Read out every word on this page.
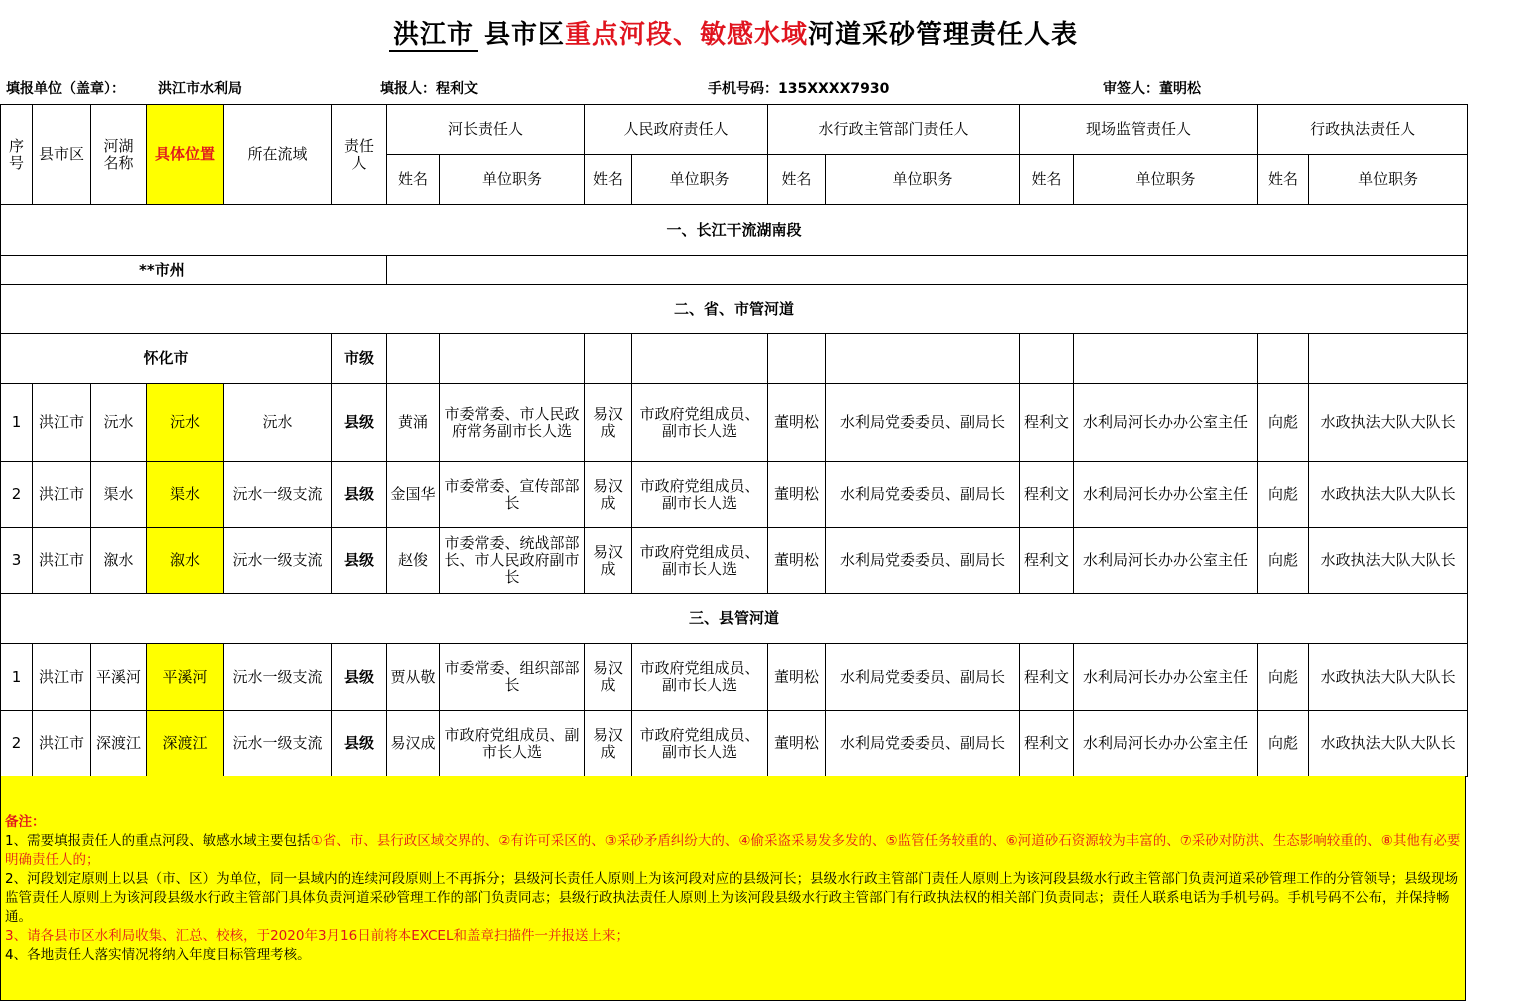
洪江市 县市区重点河段、敏感水域河道采砂管理责任人表
填报单位（盖章）： 洪江市水利局	填报人：程利文	手机号码：135XXXX7930	审签人：董明松
序号	县市区	河湖名称	具体位置	所在流域	责任人	河长责任人		人民政府责任人		水行政主管部门责任人		现场监管责任人		行政执法责任人	
						姓名	单位职务	姓名	单位职务	姓名	单位职务	姓名	单位职务	姓名	单位职务
一、长江干流湖南段															
**市州															
二、省、市管河道															
怀化市					市级										
1	洪江市	沅水	沅水	沅水	县级	黄涌	市委常委、市人民政府常务副市长人选	易汉成	市政府党组成员、副市长人选	董明松	水利局党委委员、副局长	程利文	水利局河长办办公室主任	向彪	水政执法大队大队长
2	洪江市	渠水	渠水	沅水一级支流	县级	金国华	市委常委、宣传部部长	易汉成	市政府党组成员、副市长人选	董明松	水利局党委委员、副局长	程利文	水利局河长办办公室主任	向彪	水政执法大队大队长
3	洪江市	溆水	溆水	沅水一级支流	县级	赵俊	市委常委、统战部部长、市人民政府副市长	易汉成	市政府党组成员、副市长人选	董明松	水利局党委委员、副局长	程利文	水利局河长办办公室主任	向彪	水政执法大队大队长
三、县管河道															
1	洪江市	平溪河	平溪河	沅水一级支流	县级	贾从敬	市委常委、组织部部长	易汉成	市政府党组成员、副市长人选	董明松	水利局党委委员、副局长	程利文	水利局河长办办公室主任	向彪	水政执法大队大队长
2	洪江市	深渡江	深渡江	沅水一级支流	县级	易汉成	市政府党组成员、副市长人选	易汉成	市政府党组成员、副市长人选	董明松	水利局党委委员、副局长	程利文	水利局河长办办公室主任	向彪	水政执法大队大队长

备注：

1、需要填报责任人的重点河段、敏感水域主要包括①省、市、县行政区域交界的、②有许可采区的、③采砂矛盾纠纷大的、④偷采盗采易发多发的、⑤监管任务较重的、⑥河道砂石资源较为丰富的、⑦采砂对防洪、生态影响较重的、⑧其他有必要明确责任人的；

2、河段划定原则上以县（市、区）为单位，同一县域内的连续河段原则上不再拆分；县级河长责任人原则上为该河段对应的县级河长；县级水行政主管部门责任人原则上为该河段县级水行政主管部门负责河道采砂管理工作的分管领导；县级现场监管责任人原则上为该河段县级水行政主管部门具体负责河道采砂管理工作的部门负责同志；县级行政执法责任人原则上为该河段县级水行政主管部门有行政执法权的相关部门负责同志；责任人联系电话为手机号码。手机号码不公布，并保持畅通。

3、请各县市区水利局收集、汇总、校核，于2020年3月16日前将本EXCEL和盖章扫描件一并报送上来；

4、各地责任人落实情况将纳入年度目标管理考核。
